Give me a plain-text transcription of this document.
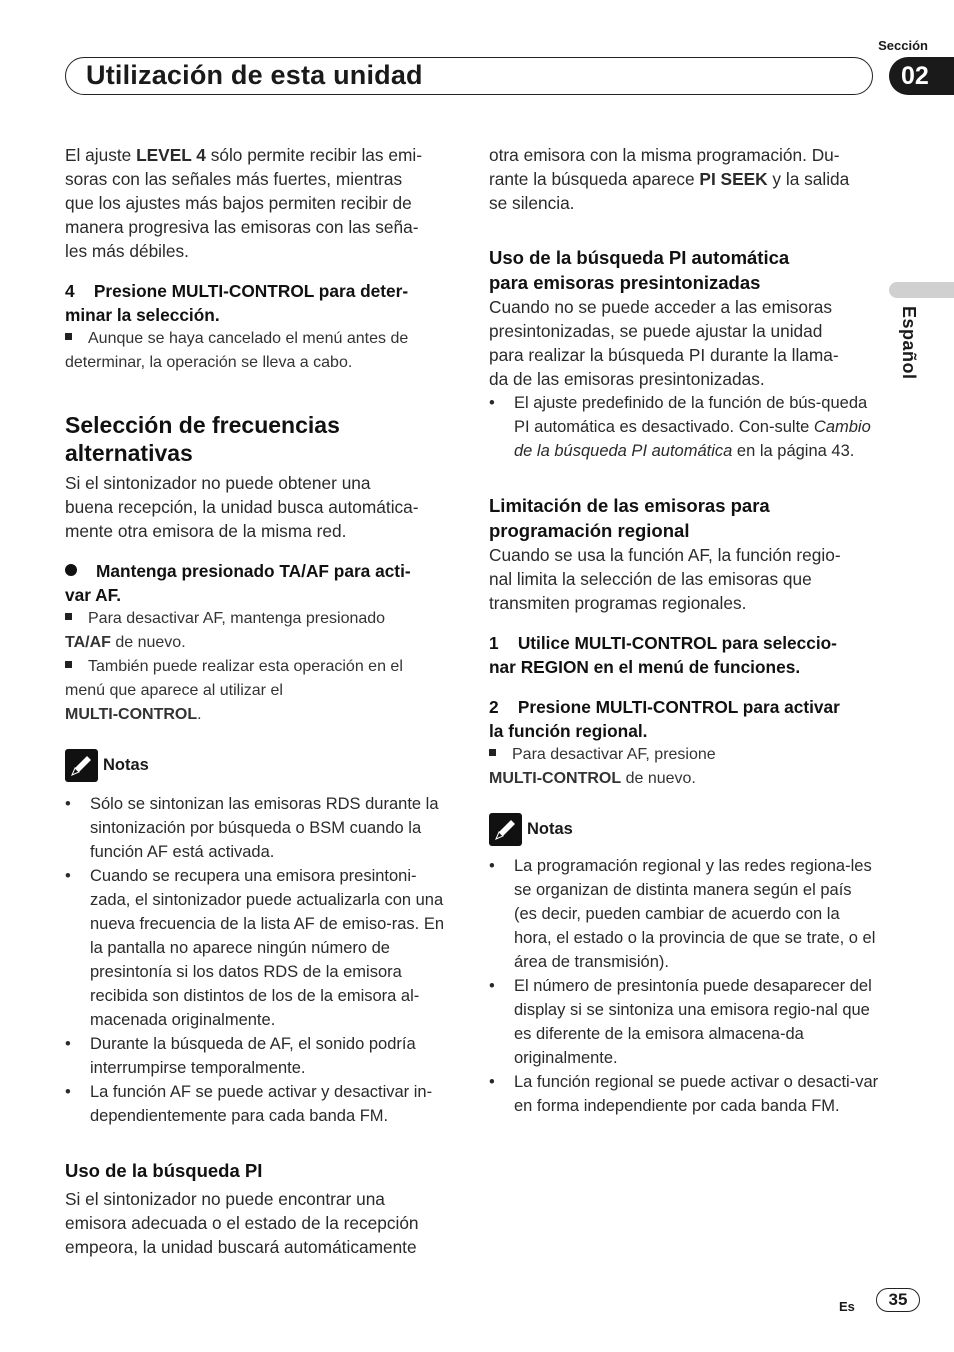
Sección
Utilización de esta unidad	02
Español

El ajuste LEVEL 4 sólo permite recibir las emi-
soras con las señales más fuertes, mientras
que los ajustes más bajos permiten recibir de
manera progresiva las emisoras con las seña-
les más débiles.

4    Presione MULTI-CONTROL para deter-
minar la selección.

Aunque se haya cancelado el menú antes de
determinar, la operación se lleva a cabo.

Selección de frecuencias
alternativas

Si el sintonizador no puede obtener una
buena recepción, la unidad busca automática-
mente otra emisora de la misma red.

Mantenga presionado TA/AF para acti-
var AF.

Para desactivar AF, mantenga presionado
TA/AF de nuevo.

También puede realizar esta operación en el
menú que aparece al utilizar el
MULTI-CONTROL.

Notas
• Sólo se sintonizan las emisoras RDS durante la sintonización por búsqueda o BSM cuando la función AF está activada.
• Cuando se recupera una emisora presintoni-zada, el sintonizador puede actualizarla con una nueva frecuencia de la lista AF de emiso-ras. En la pantalla no aparece ningún número de presintonía si los datos RDS de la emisora recibida son distintos de los de la emisora al-macenada originalmente.
• Durante la búsqueda de AF, el sonido podría interrumpirse temporalmente.
• La función AF se puede activar y desactivar in-dependientemente para cada banda FM.

Uso de la búsqueda PI

Si el sintonizador no puede encontrar una
emisora adecuada o el estado de la recepción
empeora, la unidad buscará automáticamente

otra emisora con la misma programación. Du-
rante la búsqueda aparece PI SEEK y la salida
se silencia.

Uso de la búsqueda PI automática
para emisoras presintonizadas

Cuando no se puede acceder a las emisoras
presintonizadas, se puede ajustar la unidad
para realizar la búsqueda PI durante la llama-
da de las emisoras presintonizadas.

• El ajuste predefinido de la función de bús-queda PI automática es desactivado. Con-sulte Cambio de la búsqueda PI automática en la página 43.

Limitación de las emisoras para
programación regional

Cuando se usa la función AF, la función regio-
nal limita la selección de las emisoras que
transmiten programas regionales.

1    Utilice MULTI-CONTROL para seleccio-
nar REGION en el menú de funciones.

2    Presione MULTI-CONTROL para activar
la función regional.

Para desactivar AF, presione
MULTI-CONTROL de nuevo.

Notas
• La programación regional y las redes regiona-les se organizan de distinta manera según el país (es decir, pueden cambiar de acuerdo con la hora, el estado o la provincia de que se trate, o el área de transmisión).
• El número de presintonía puede desaparecer del display si se sintoniza una emisora regio-nal que es diferente de la emisora almacena-da originalmente.
• La función regional se puede activar o desacti-var en forma independiente por cada banda FM.
Es	35
